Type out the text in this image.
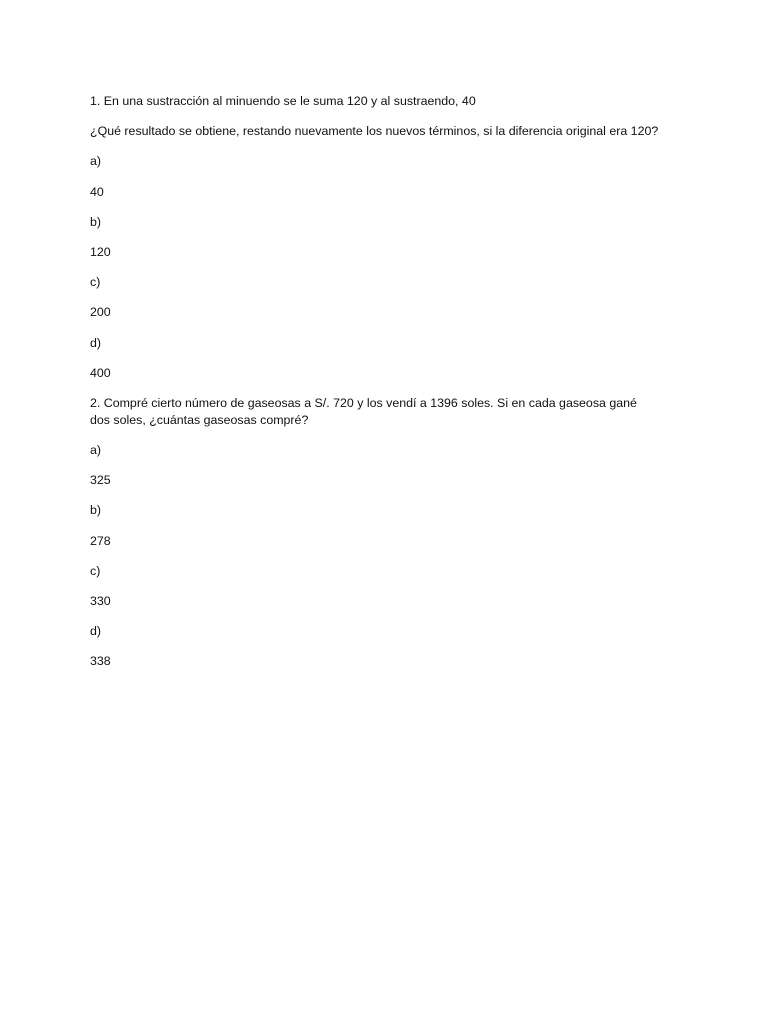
1. En una sustracción al minuendo se le suma 120 y al sustraendo, 40

¿Qué resultado se obtiene, restando nuevamente los nuevos términos, si la diferencia original era 120?

a)

40

b)

120

c)

200

d)

400

2. Compré cierto número de gaseosas a S/. 720 y los vendí a 1396 soles. Si en cada gaseosa gané dos soles, ¿cuántas gaseosas compré?

a)

325

b)

278

c)

330

d)

338
